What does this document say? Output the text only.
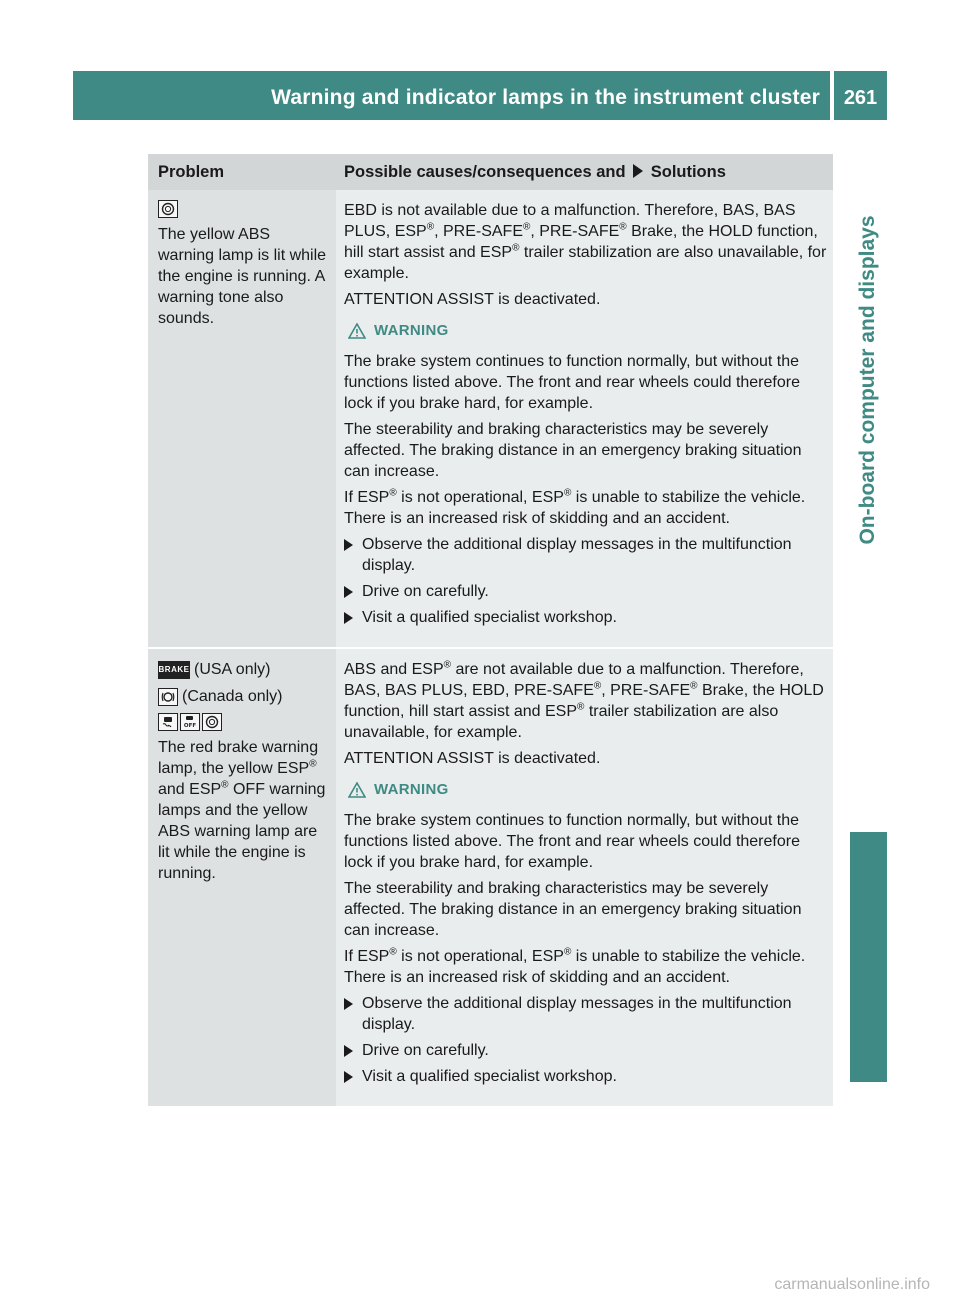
Warning and indicator lamps in the instrument cluster 261
On-board computer and displays
Problem	Possible causes/consequences and Solutions

The yellow ABS warning lamp is lit while the engine is running. A warning tone also sounds.

EBD is not available due to a malfunction. Therefore, BAS, BAS PLUS, ESP®, PRE-SAFE®, PRE-SAFE® Brake, the HOLD function, hill start assist and ESP® trailer stabilization are also unavailable, for example.

ATTENTION ASSIST is deactivated.

WARNING

The brake system continues to function normally, but without the functions listed above. The front and rear wheels could therefore lock if you brake hard, for example.

The steerability and braking characteristics may be severely affected. The braking distance in an emergency braking situation can increase.

If ESP® is not operational, ESP® is unable to stabilize the vehicle. There is an increased risk of skidding and an accident.

Observe the additional display messages in the multifunction display.
Drive on carefully.
Visit a qualified specialist workshop.
BRAKE (USA only)
(Canada only)
OFF

The red brake warning lamp, the yellow ESP® and ESP® OFF warning lamps and the yellow ABS warning lamp are lit while the engine is running.

ABS and ESP® are not available due to a malfunction. Therefore, BAS, BAS PLUS, EBD, PRE-SAFE®, PRE-SAFE® Brake, the HOLD function, hill start assist and ESP® trailer stabilization are also unavailable, for example.

ATTENTION ASSIST is deactivated.

WARNING

The brake system continues to function normally, but without the functions listed above. The front and rear wheels could therefore lock if you brake hard, for example.

The steerability and braking characteristics may be severely affected. The braking distance in an emergency braking situation can increase.

If ESP® is not operational, ESP® is unable to stabilize the vehicle. There is an increased risk of skidding and an accident.

Observe the additional display messages in the multifunction display.
Drive on carefully.
Visit a qualified specialist workshop.
carmanualsonline.info
